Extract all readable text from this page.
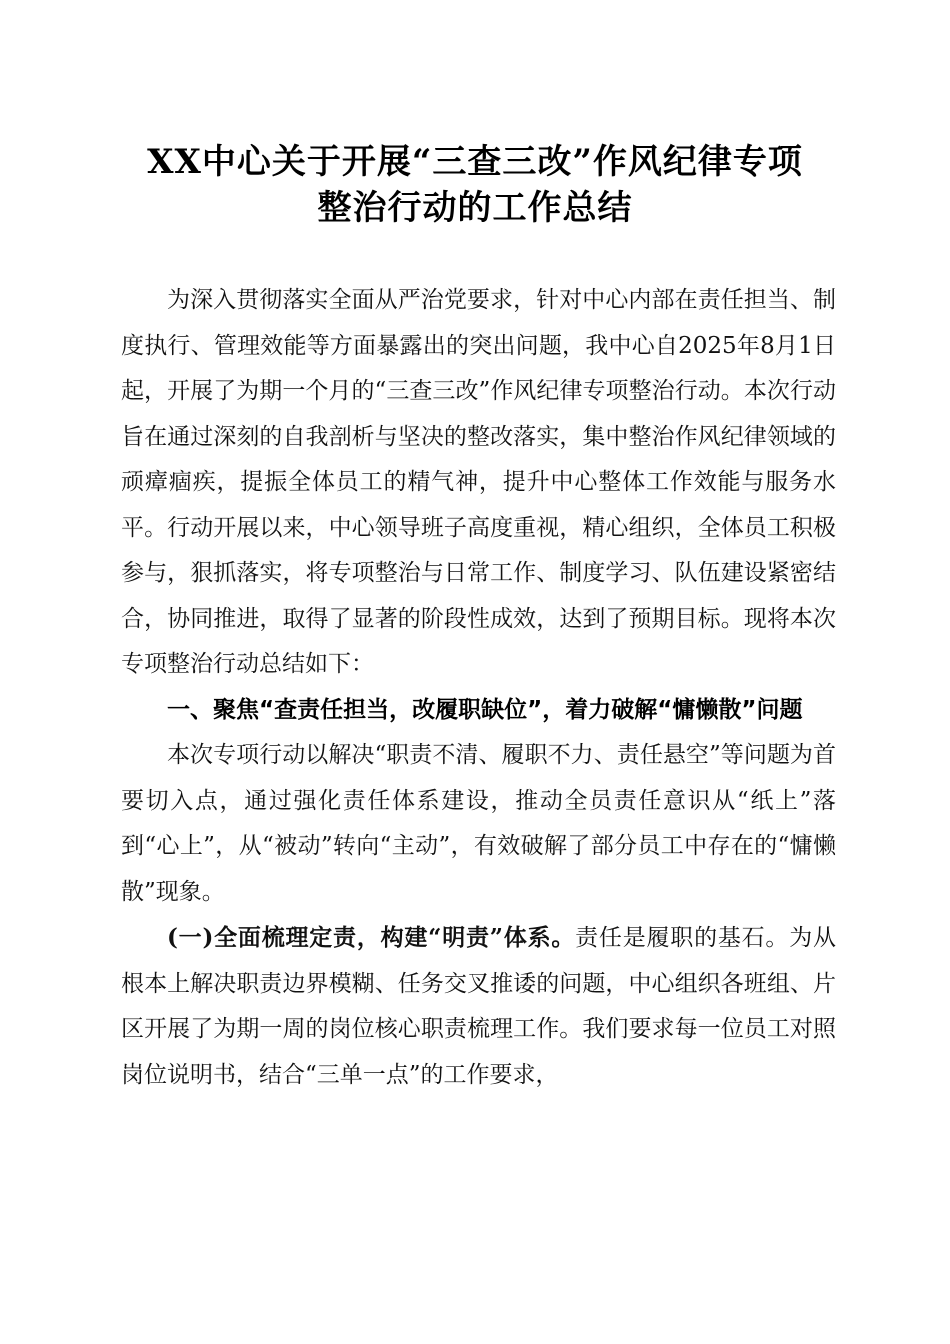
XX中心关于开展“三查三改”作风纪律专项
整治行动的工作总结

为深入贯彻落实全面从严治党要求，针对中心内部在责任担当、制度执行、管理效能等方面暴露出的突出问题，我中心自2025年8月1日起，开展了为期一个月的“三查三改”作风纪律专项整治行动。本次行动旨在通过深刻的自我剖析与坚决的整改落实，集中整治作风纪律领域的顽瘴痼疾，提振全体员工的精气神，提升中心整体工作效能与服务水平。行动开展以来，中心领导班子高度重视，精心组织，全体员工积极参与，狠抓落实，将专项整治与日常工作、制度学习、队伍建设紧密结合，协同推进，取得了显著的阶段性成效，达到了预期目标。现将本次专项整治行动总结如下：

一、聚焦“查责任担当，改履职缺位”，着力破解“慵懒散”问题

本次专项行动以解决“职责不清、履职不力、责任悬空”等问题为首要切入点，通过强化责任体系建设，推动全员责任意识从“纸上”落到“心上”，从“被动”转向“主动”，有效破解了部分员工中存在的“慵懒散”现象。

(一)全面梳理定责，构建“明责”体系。责任是履职的基石。为从根本上解决职责边界模糊、任务交叉推诿的问题，中心组织各班组、片区开展了为期一周的岗位核心职责梳理工作。我们要求每一位员工对照岗位说明书，结合“三单一点”的工作要求，
